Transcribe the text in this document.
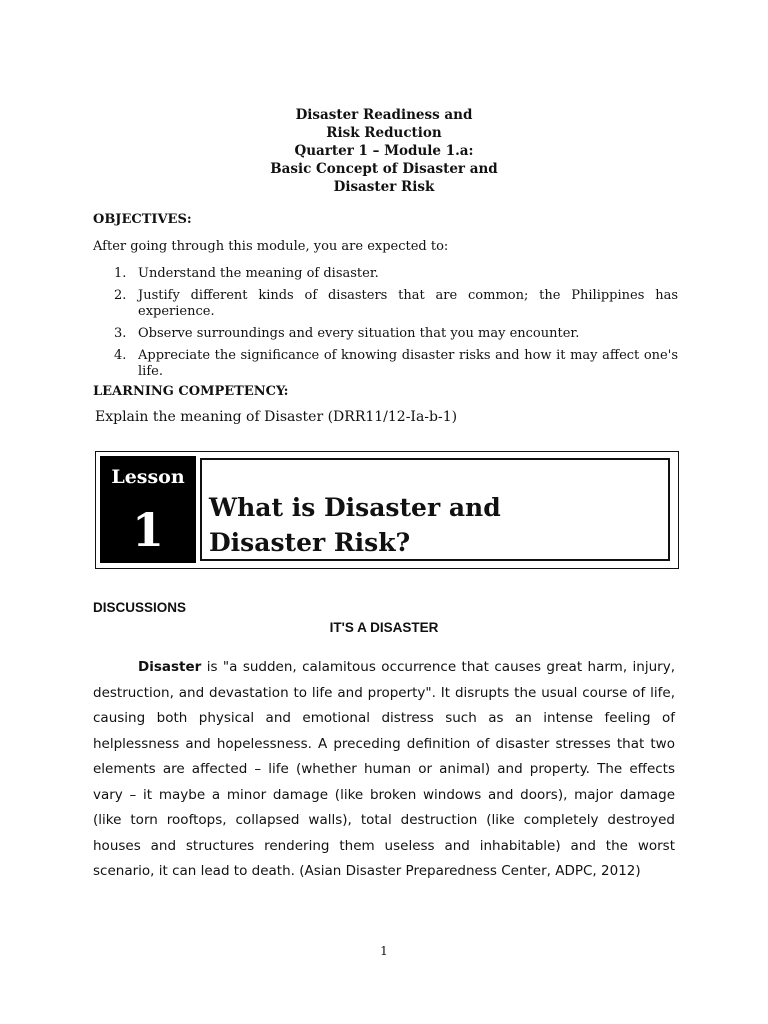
Disaster Readiness and
Risk Reduction
Quarter 1 – Module 1.a:
Basic Concept of Disaster and
Disaster Risk
OBJECTIVES:
After going through this module, you are expected to:
1. Understand the meaning of disaster.
2. Justify different kinds of disasters that are common; the Philippines has experience.
3. Observe surroundings and every situation that you may encounter.
4. Appreciate the significance of knowing disaster risks and how it may affect one's life.
LEARNING COMPETENCY:
Explain the meaning of Disaster (DRR11/12-Ia-b-1)
Lesson
1	What is Disaster and
Disaster Risk?
DISCUSSIONS
IT'S A DISASTER

Disaster is "a sudden, calamitous occurrence that causes great harm, injury, destruction, and devastation to life and property". It disrupts the usual course of life, causing both physical and emotional distress such as an intense feeling of helplessness and hopelessness. A preceding definition of disaster stresses that two elements are affected – life (whether human or animal) and property. The effects vary – it maybe a minor damage (like broken windows and doors), major damage (like torn rooftops, collapsed walls), total destruction (like completely destroyed houses and structures rendering them useless and inhabitable) and the worst scenario, it can lead to death. (Asian Disaster Preparedness Center, ADPC, 2012)

1
